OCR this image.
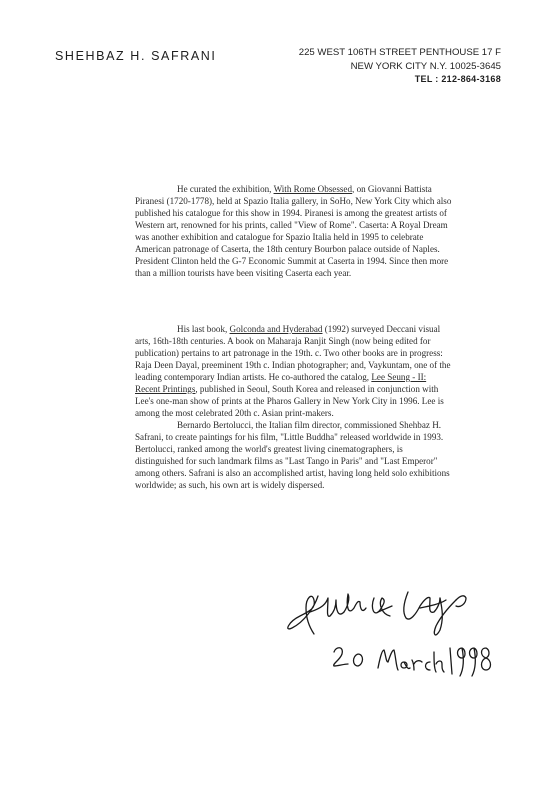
SHEHBAZ H. SAFRANI	225 WEST 106TH STREET PENTHOUSE 17 F
NEW YORK CITY N.Y. 10025-3645
TEL : 212-864-3168

He curated the exhibition, With Rome Obsessed, on Giovanni Battista Piranesi (1720-1778), held at Spazio Italia gallery, in SoHo, New York City which also published his catalogue for this show in 1994. Piranesi is among the greatest artists of Western art, renowned for his prints, called "View of Rome". Caserta: A Royal Dream was another exhibition and catalogue for Spazio Italia held in 1995 to celebrate American patronage of Caserta, the 18th century Bourbon palace outside of Naples. President Clinton held the G-7 Economic Summit at Caserta in 1994. Since then more than a million tourists have been visiting Caserta each year.

His last book, Golconda and Hyderabad (1992) surveyed Deccani visual arts, 16th-18th centuries. A book on Maharaja Ranjit Singh (now being edited for publication) pertains to art patronage in the 19th. c. Two other books are in progress: Raja Deen Dayal, preeminent 19th c. Indian photographer; and, Vaykuntam, one of the leading contemporary Indian artists. He co-authored the catalog, Lee Seung - II: Recent Printings, published in Seoul, South Korea and released in conjunction with Lee's one-man show of prints at the Pharos Gallery in New York City in 1996. Lee is among the most celebrated 20th c. Asian print-makers.

Bernardo Bertolucci, the Italian film director, commissioned Shehbaz H. Safrani, to create paintings for his film, "Little Buddha" released worldwide in 1993. Bertolucci, ranked among the world's greatest living cinematographers, is distinguished for such landmark films as "Last Tango in Paris" and "Last Emperor" among others. Safrani is also an accomplished artist, having long held solo exhibitions worldwide; as such, his own art is widely dispersed.
